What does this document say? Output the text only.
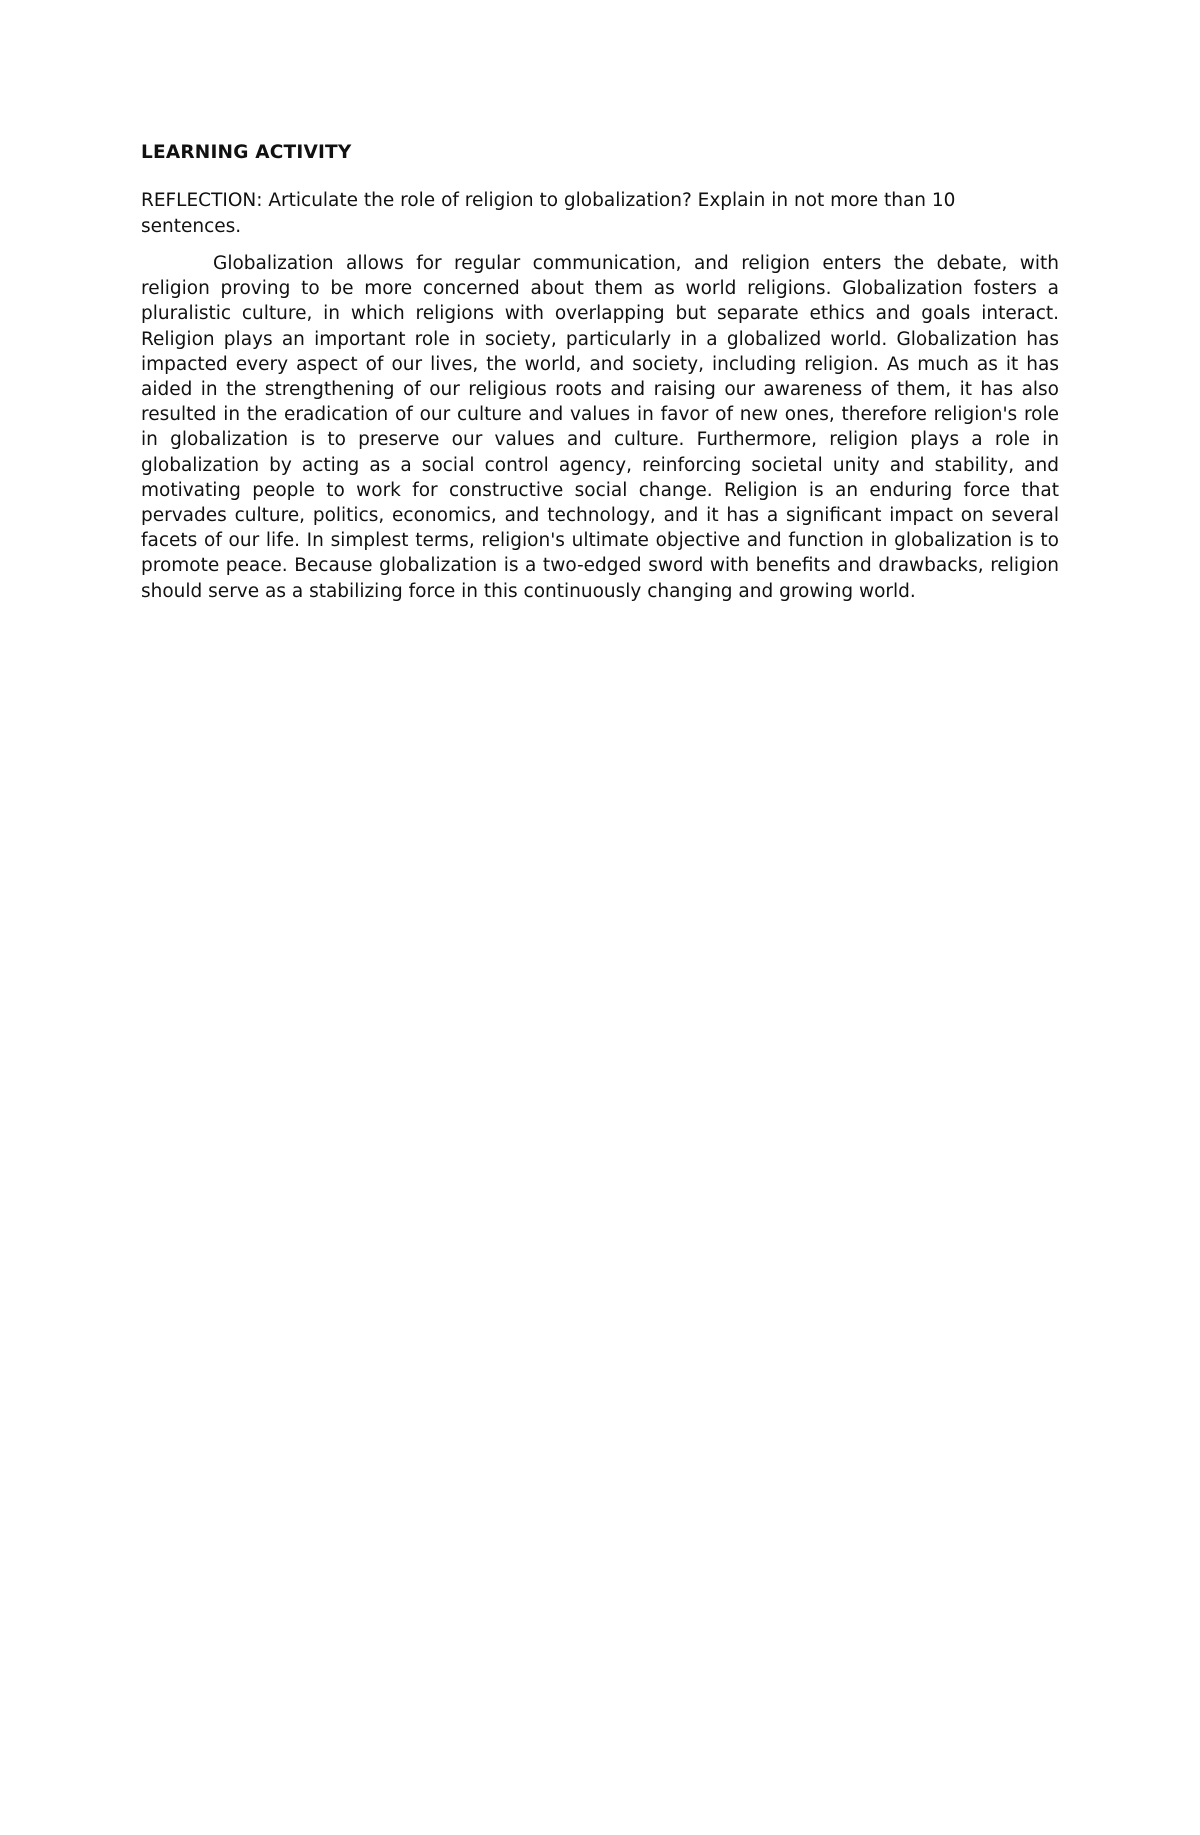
LEARNING ACTIVITY

REFLECTION: Articulate the role of religion to globalization? Explain in not more than 10 sentences.

Globalization allows for regular communication, and religion enters the debate, with religion proving to be more concerned about them as world religions. Globalization fosters a pluralistic culture, in which religions with overlapping but separate ethics and goals interact. Religion plays an important role in society, particularly in a globalized world. Globalization has impacted every aspect of our lives, the world, and society, including religion. As much as it has aided in the strengthening of our religious roots and raising our awareness of them, it has also resulted in the eradication of our culture and values in favor of new ones, therefore religion's role in globalization is to preserve our values and culture. Furthermore, religion plays a role in globalization by acting as a social control agency, reinforcing societal unity and stability, and motivating people to work for constructive social change. Religion is an enduring force that pervades culture, politics, economics, and technology, and it has a significant impact on several facets of our life. In simplest terms, religion's ultimate objective and function in globalization is to promote peace. Because globalization is a two-edged sword with benefits and drawbacks, religion should serve as a stabilizing force in this continuously changing and growing world.
